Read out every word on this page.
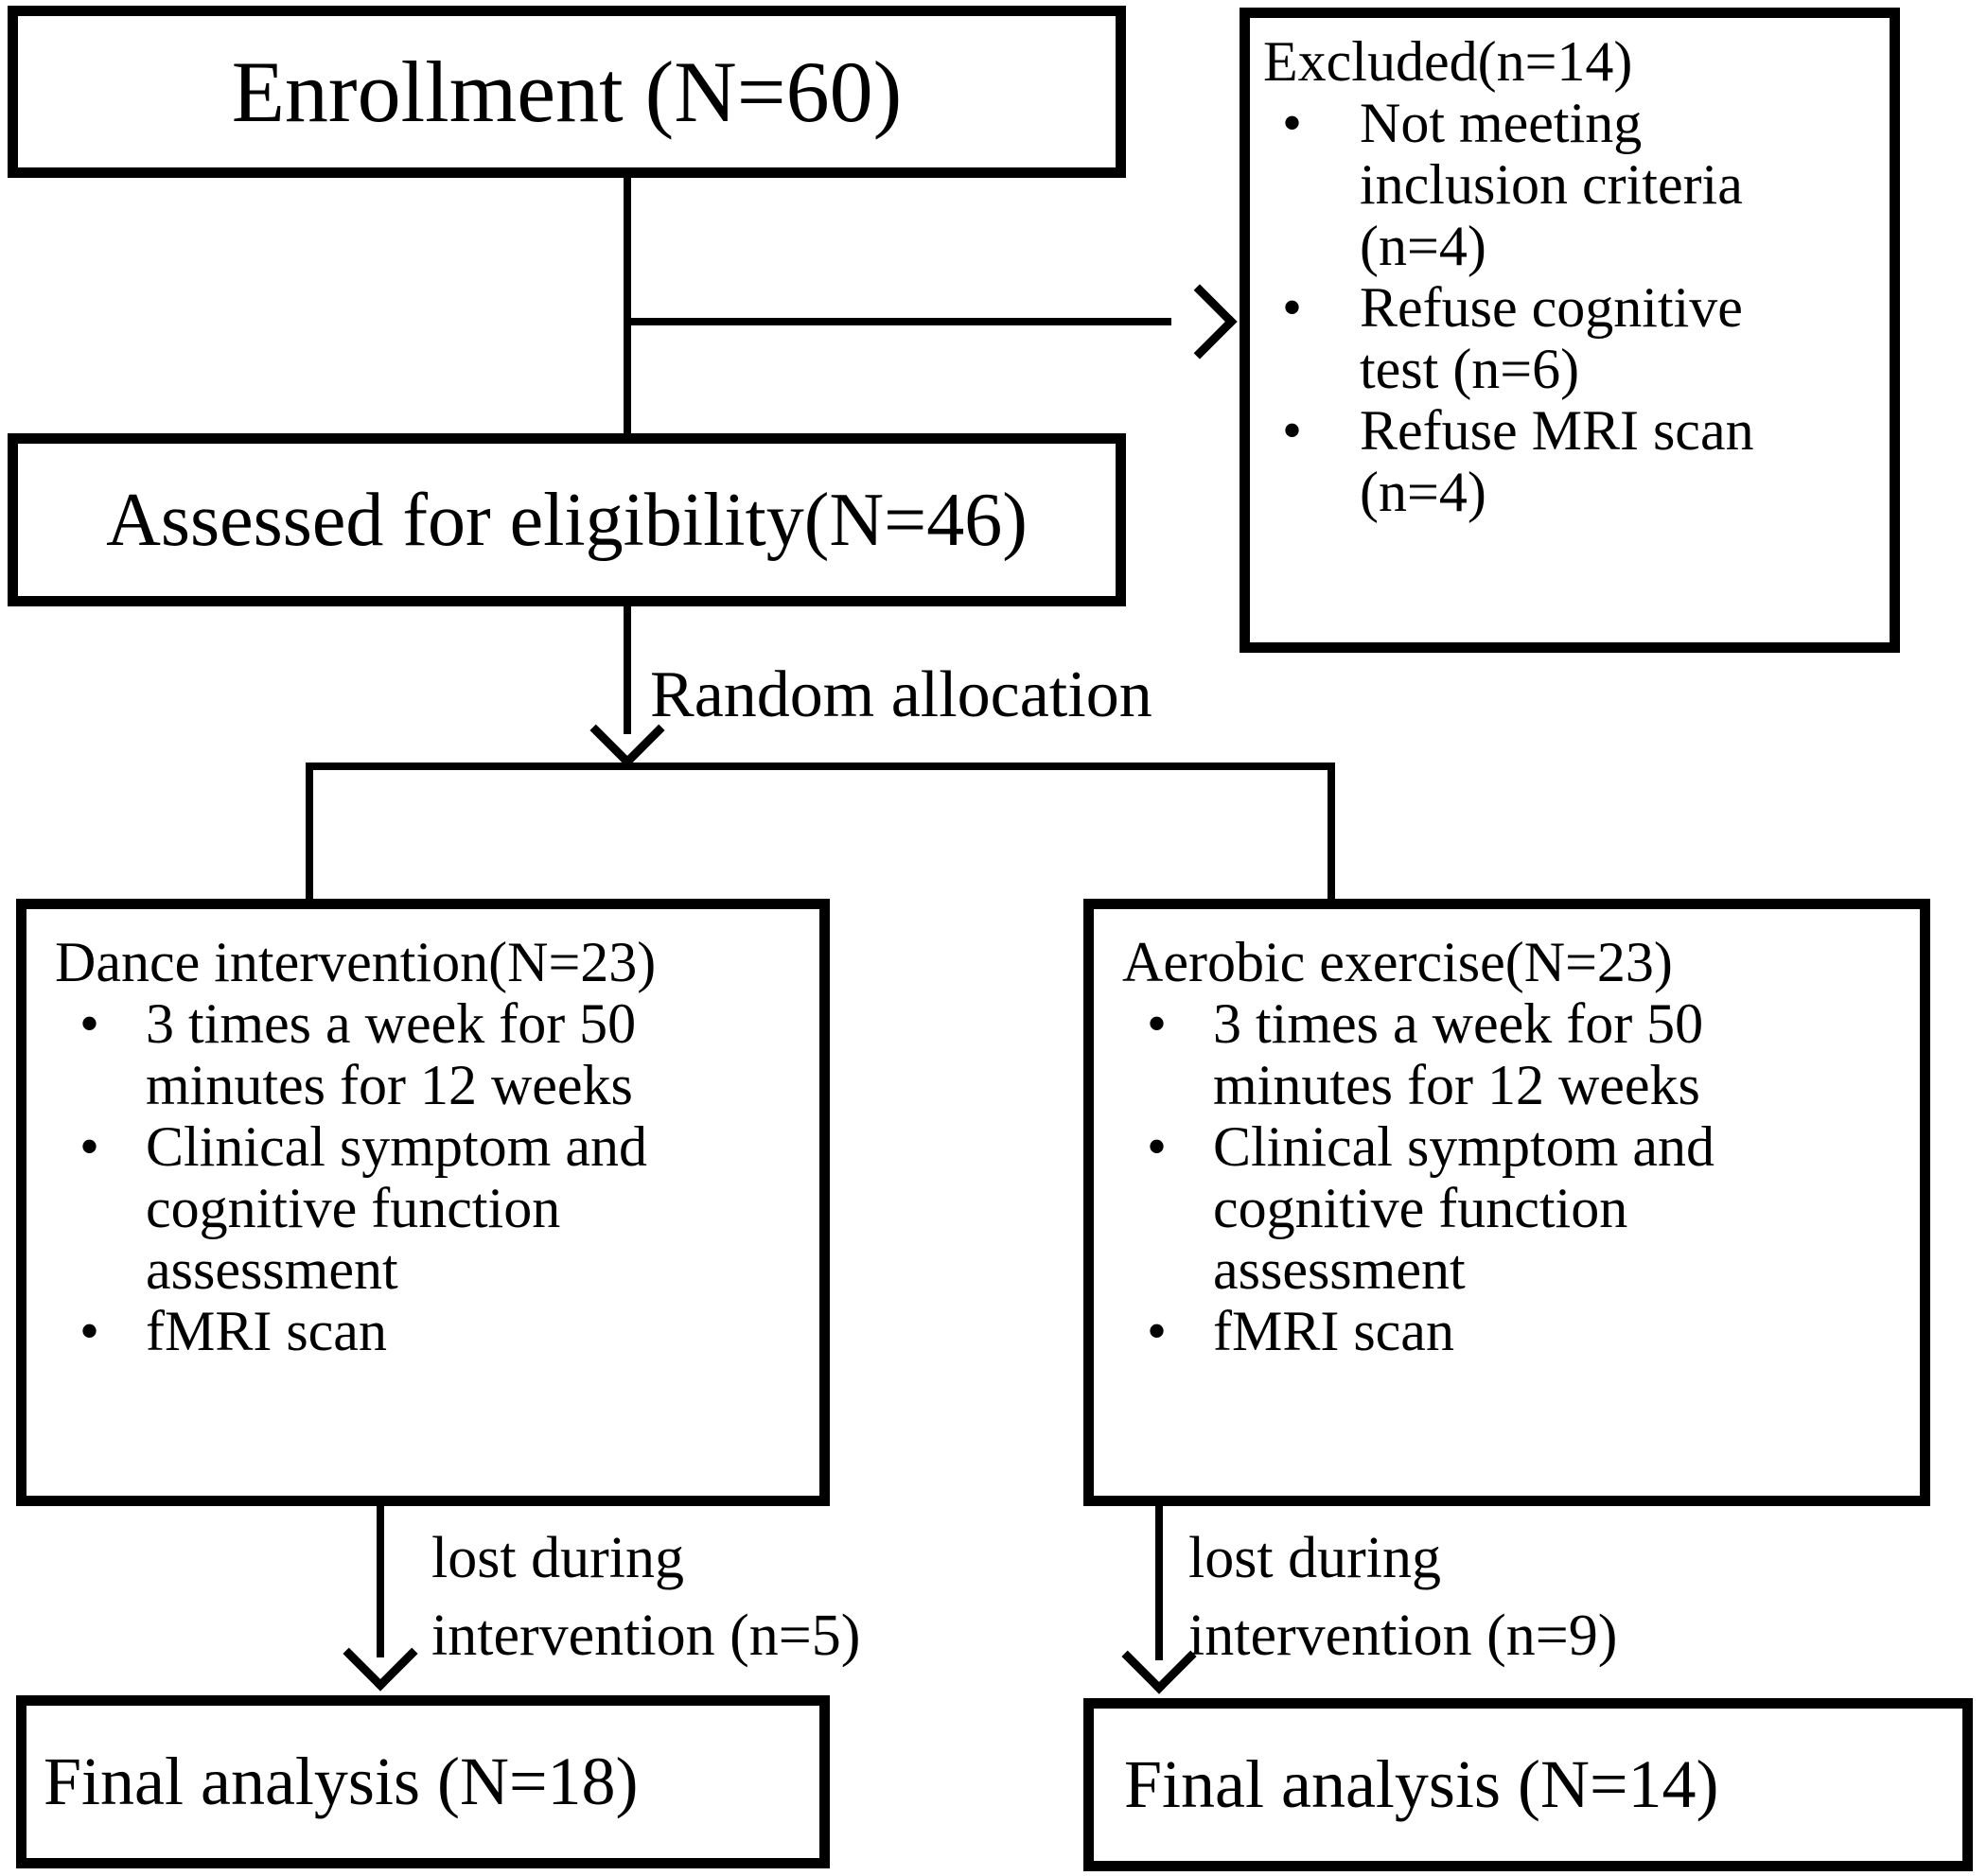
Enrollment (N=60)	Excluded(n=14)
•	Not meeting
inclusion criteria
(n=4)
•	Refuse cognitive
test (n=6)
•	Refuse MRI scan
(n=4)
Assessed for eligibility(N=46)
Random allocation
Dance intervention(N=23)
• 3 times a week for 50
minutes for 12 weeks
• Clinical symptom and
cognitive function
assessment
• fMRI scan
Aerobic exercise(N=23)
• 3 times a week for 50
minutes for 12 weeks
• Clinical symptom and
cognitive function
assessment
• fMRI scan
lost during
intervention (n=5)
lost during
intervention (n=9)
Final analysis (N=18)	Final analysis (N=14)
